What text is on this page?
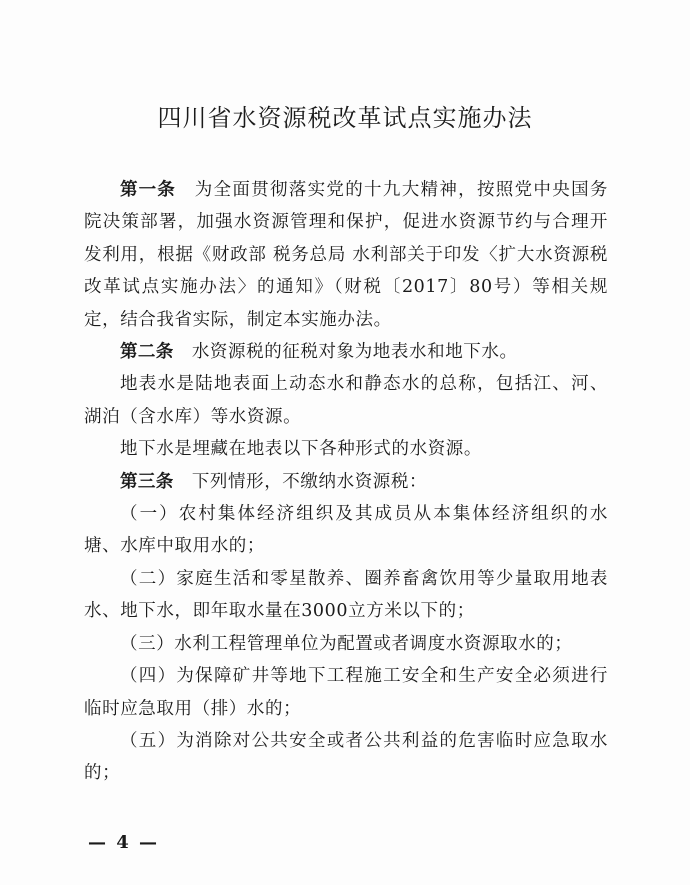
四川省水资源税改革试点实施办法

第一条  为全面贯彻落实党的十九大精神，按照党中央国务院决策部署，加强水资源管理和保护，促进水资源节约与合理开发利用，根据《财政部 税务总局 水利部关于印发〈扩大水资源税改革试点实施办法〉的通知》（财税〔2017〕80号）等相关规定，结合我省实际，制定本实施办法。

第二条  水资源税的征税对象为地表水和地下水。

地表水是陆地表面上动态水和静态水的总称，包括江、河、湖泊（含水库）等水资源。

地下水是埋藏在地表以下各种形式的水资源。

第三条  下列情形，不缴纳水资源税：

（一）农村集体经济组织及其成员从本集体经济组织的水塘、水库中取用水的；

（二）家庭生活和零星散养、圈养畜禽饮用等少量取用地表水、地下水，即年取水量在3000立方米以下的；

（三）水利工程管理单位为配置或者调度水资源取水的；

（四）为保障矿井等地下工程施工安全和生产安全必须进行临时应急取用（排）水的；

（五）为消除对公共安全或者公共利益的危害临时应急取水的；

— 4 —
